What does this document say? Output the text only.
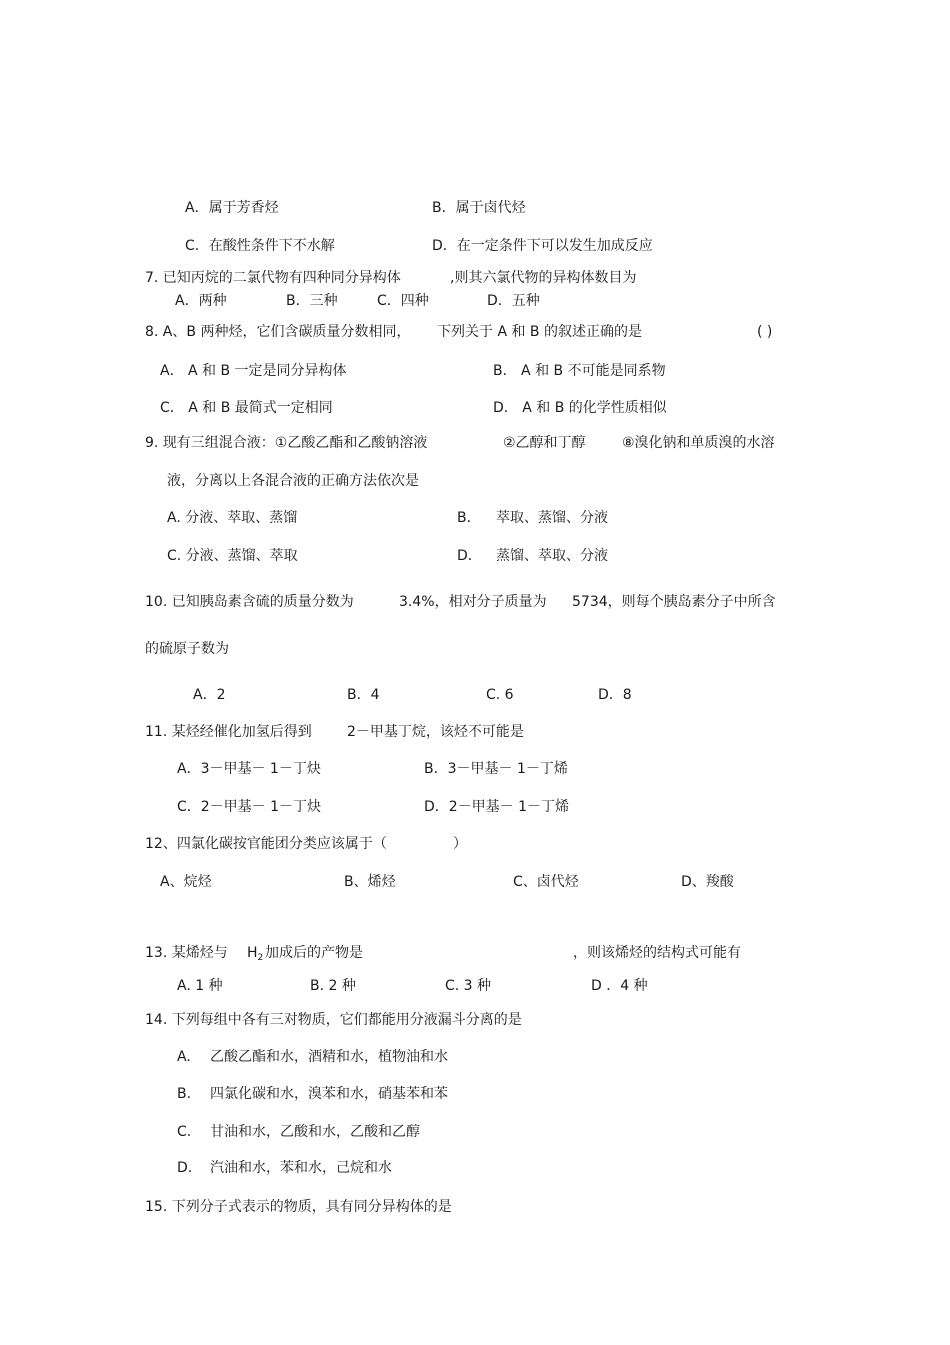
A．属于芳香烃	B．属于卤代烃
C．在酸性条件下不水解	D．在一定条件下可以发生加成反应
7. 已知丙烷的二氯代物有四种同分异构体	,则其六氯代物的异构体数目为
A．两种	B．三种	C．四种	D．五种
8. A、B 两种烃，它们含碳质量分数相同， 下列关于 A 和 B 的叙述正确的是	( )
A． A 和 B 一定是同分异构体	B． A 和 B 不可能是同系物
C． A 和 B 最简式一定相同	D． A 和 B 的化学性质相似
9. 现有三组混合液：①乙酸乙酯和乙酸钠溶液	②乙醇和丁醇	⑧溴化钠和单质溴的水溶
液，分离以上各混合液的正确方法依次是
A. 分液、萃取、蒸馏	B． 萃取、蒸馏、分液
C. 分液、蒸馏、萃取	D． 蒸馏、萃取、分液
10. 已知胰岛素含硫的质量分数为	3.4%，相对分子质量为 5734，则每个胰岛素分子中所含
的硫原子数为
A．2	B．4	C. 6	D．8
11. 某烃经催化加氢后得到	2－甲基丁烷，该烃不可能是
A．3－甲基－ 1－丁炔	B．3－甲基－ 1－丁烯
C．2－甲基－ 1－丁炔	D．2－甲基－ 1－丁烯
12、四氯化碳按官能团分类应该属于（	）
A、烷烃	B、烯烃	C、卤代烃	D、羧酸
13. 某烯烃与 $H_2$ 加成后的产物是	，则该烯烃的结构式可能有
A. 1 种	B. 2 种	C. 3 种	D ．4 种
14. 下列每组中各有三对物质，它们都能用分液漏斗分离的是
A. 乙酸乙酯和水，酒精和水，植物油和水
B. 四氯化碳和水，溴苯和水，硝基苯和苯
C. 甘油和水，乙酸和水，乙酸和乙醇
D. 汽油和水，苯和水，己烷和水
15. 下列分子式表示的物质，具有同分异构体的是
